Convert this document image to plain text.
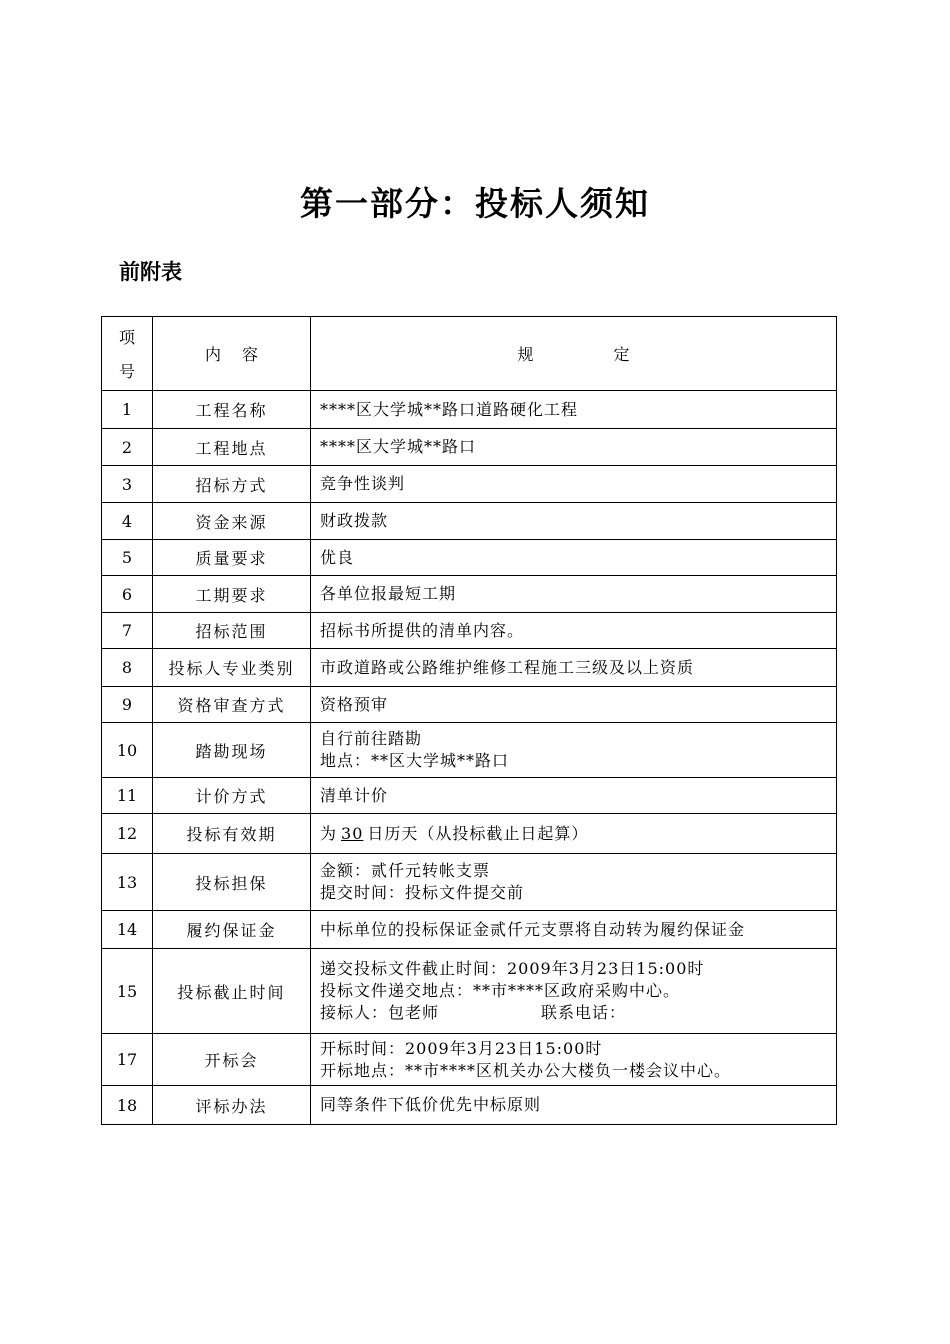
第一部分：投标人须知
前附表
项
号	内　 容	规　　　　　定
1	工程名称	****区大学城**路口道路硬化工程

2	工程地点	****区大学城**路口

3	招标方式	竞争性谈判

4	资金来源	财政拨款

5	质量要求	优良

6	工期要求	各单位报最短工期

7	招标范围	招标书所提供的清单内容。

8	投标人专业类别	市政道路或公路维护维修工程施工三级及以上资质

9	资格审查方式	资格预审

10	踏勘现场	自行前往踏勘
地点：**区大学城**路口

11	计价方式	清单计价

12	投标有效期	为 30 日历天（从投标截止日起算）
13	投标担保	金额：贰仟元转帐支票
提交时间：投标文件提交前

14	履约保证金	中标单位的投标保证金贰仟元支票将自动转为履约保证金

15	投标截止时间	递交投标文件截止时间：2009年3月23日15:00时
投标文件递交地点：**市****区政府采购中心。
接标人：包老师　　　　　　联系电话：

17	开标会	开标时间：2009年3月23日15:00时
开标地点：**市****区机关办公大楼负一楼会议中心。

18	评标办法	同等条件下低价优先中标原则
